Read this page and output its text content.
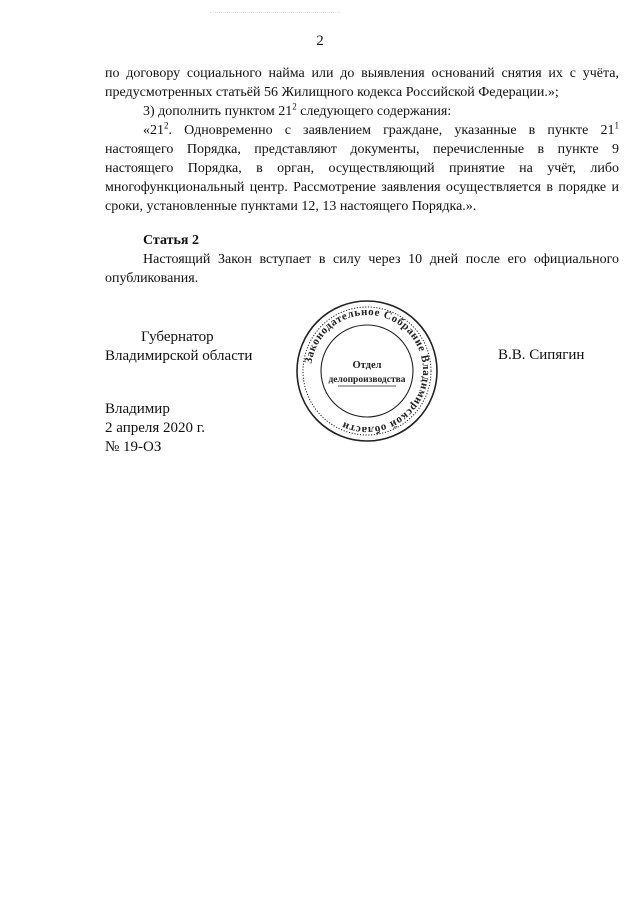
2

по договору социального найма или до выявления оснований снятия их с учёта, предусмотренных статьёй 56 Жилищного кодекса Российской Федерации.»;

3) дополнить пунктом $21^2$ следующего содержания:

«$21^2$. Одновременно с заявлением граждане, указанные в пункте $21^1$ настоящего Порядка, представляют документы, перечисленные в пункте 9 настоящего Порядка, в орган, осуществляющий принятие на учёт, либо многофункциональный центр. Рассмотрение заявления осуществляется в порядке и сроки, установленные пунктами 12, 13 настоящего Порядка.».

Статья 2

Настоящий Закон вступает в силу через 10 дней после его официального опубликования.

Губернатор
Владимирской области	В.В. Сипягин
Законодательное Собрание Владимирской области
Отдел
делопроизводства
Владимир
2 апреля 2020 г.
№ 19-ОЗ
